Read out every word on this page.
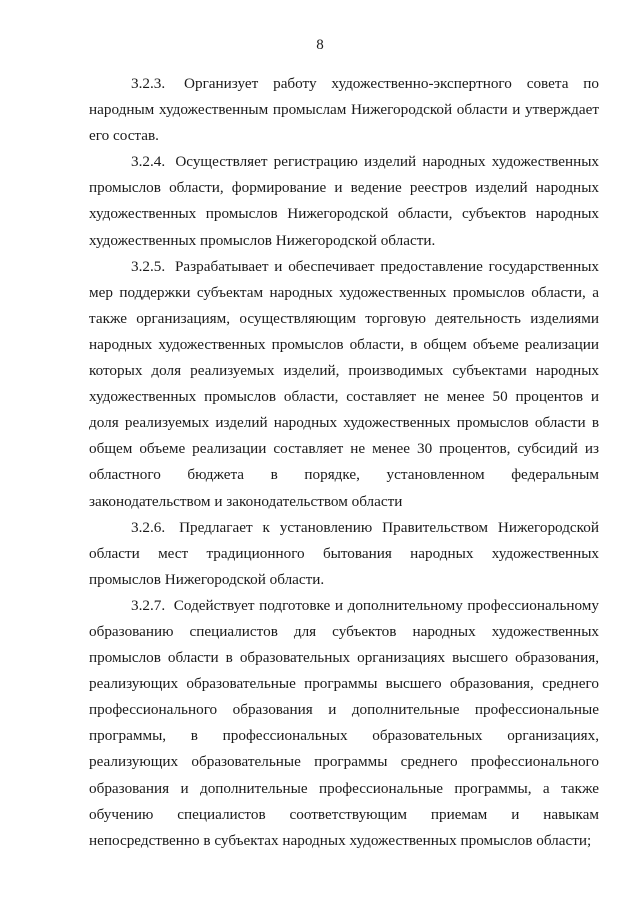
8

3.2.3. Организует работу художественно-экспертного совета по народным художественным промыслам Нижегородской области и утверждает его состав.

3.2.4. Осуществляет регистрацию изделий народных художественных промыслов области, формирование и ведение реестров изделий народных художественных промыслов Нижегородской области, субъектов народных художественных промыслов Нижегородской области.

3.2.5. Разрабатывает и обеспечивает предоставление государственных мер поддержки субъектам народных художественных промыслов области, а также организациям, осуществляющим торговую деятельность изделиями народных художественных промыслов области, в общем объеме реализации которых доля реализуемых изделий, производимых субъектами народных художественных промыслов области, составляет не менее 50 процентов и доля реализуемых изделий народных художественных промыслов области в общем объеме реализации составляет не менее 30 процентов, субсидий из областного бюджета в порядке, установленном федеральным законодательством и законодательством области

3.2.6. Предлагает к установлению Правительством Нижегородской области мест традиционного бытования народных художественных промыслов Нижегородской области.

3.2.7. Содействует подготовке и дополнительному профессиональному образованию специалистов для субъектов народных художественных промыслов области в образовательных организациях высшего образования, реализующих образовательные программы высшего образования, среднего профессионального образования и дополнительные профессиональные программы, в профессиональных образовательных организациях, реализующих образовательные программы среднего профессионального образования и дополнительные профессиональные программы, а также обучению специалистов соответствующим приемам и навыкам непосредственно в субъектах народных художественных промыслов области;
